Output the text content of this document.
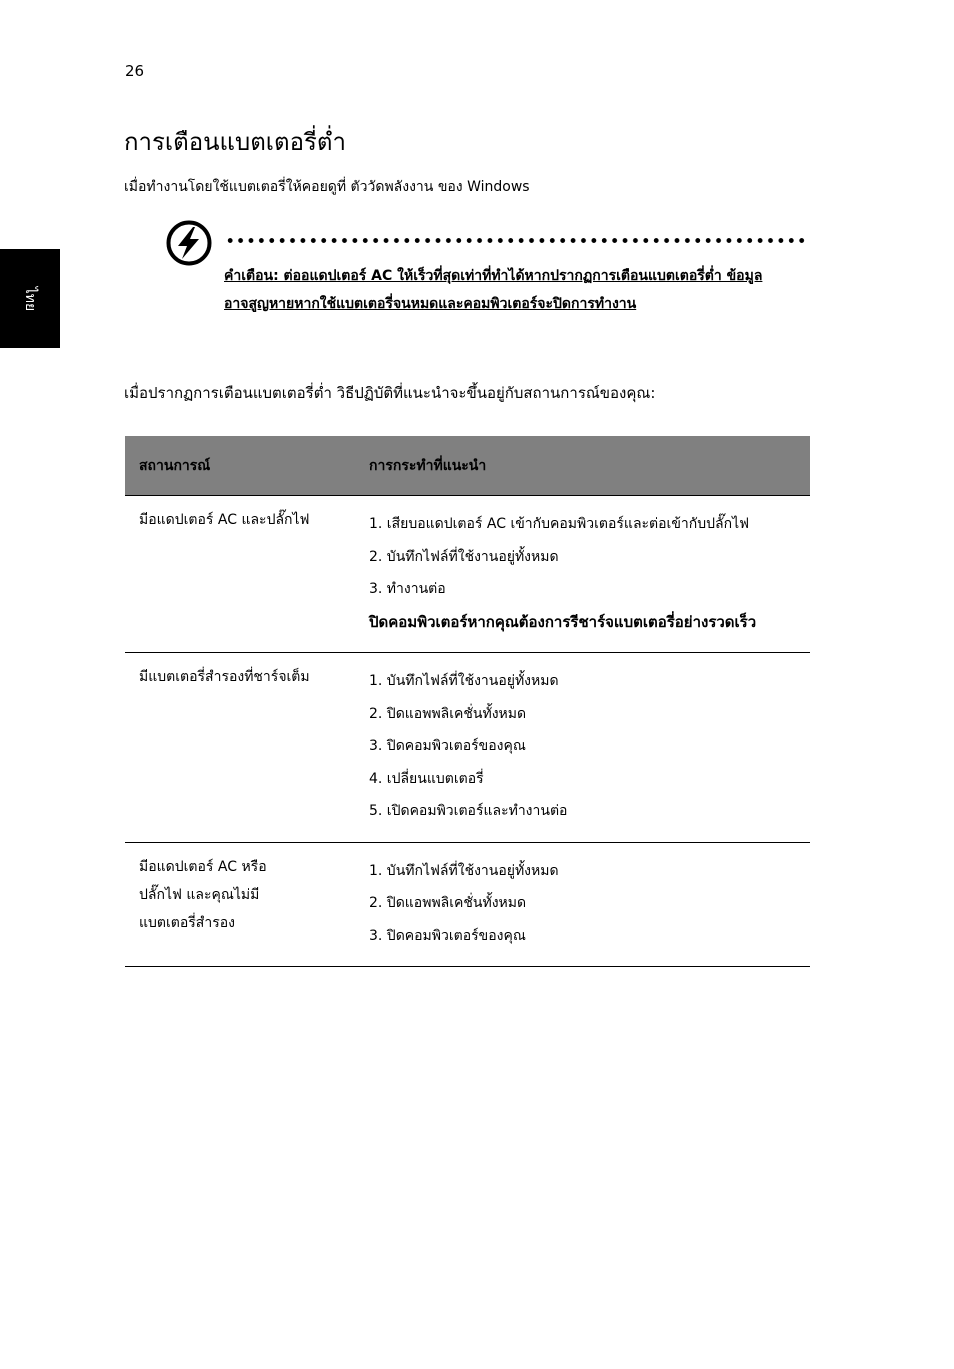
26
ไทย
การเตือนแบตเตอรี่ต่ำ

เมื่อทำงานโดยใช้แบตเตอรี่ให้คอยดูที่ ตัววัดพลังงาน ของ Windows

คำเตือน: ต่ออแดปเตอร์ AC ให้เร็วที่สุดเท่าที่ทำได้หากปรากฏการเตือนแบตเตอรี่ต่ำ ข้อมูลอาจสูญหายหากใช้แบตเตอรี่จนหมดและคอมพิวเตอร์จะปิดการทำงาน

เมื่อปรากฏการเตือนแบตเตอรี่ต่ำ วิธีปฏิบัติที่แนะนำจะขึ้นอยู่กับสถานการณ์ของคุณ:

สถานการณ์	การกระทำที่แนะนำ

มีอแดปเตอร์ AC และปลั๊กไฟ	1. เสียบอแดปเตอร์ AC เข้ากับคอมพิวเตอร์และต่อเข้ากับปลั๊กไฟ
2. บันทึกไฟล์ที่ใช้งานอยู่ทั้งหมด
3. ทำงานต่อ
ปิดคอมพิวเตอร์หากคุณต้องการรีชาร์จแบตเตอรี่อย่างรวดเร็ว

มีแบตเตอรี่สำรองที่ชาร์จเต็ม	1. บันทึกไฟล์ที่ใช้งานอยู่ทั้งหมด
2. ปิดแอพพลิเคชั่นทั้งหมด
3. ปิดคอมพิวเตอร์ของคุณ
4. เปลี่ยนแบตเตอรี่
5. เปิดคอมพิวเตอร์และทำงานต่อ

มีอแดปเตอร์ AC หรือ
ปลั๊กไฟ และคุณไม่มี
แบตเตอรี่สำรอง	1. บันทึกไฟล์ที่ใช้งานอยู่ทั้งหมด
2. ปิดแอพพลิเคชั่นทั้งหมด
3. ปิดคอมพิวเตอร์ของคุณ
